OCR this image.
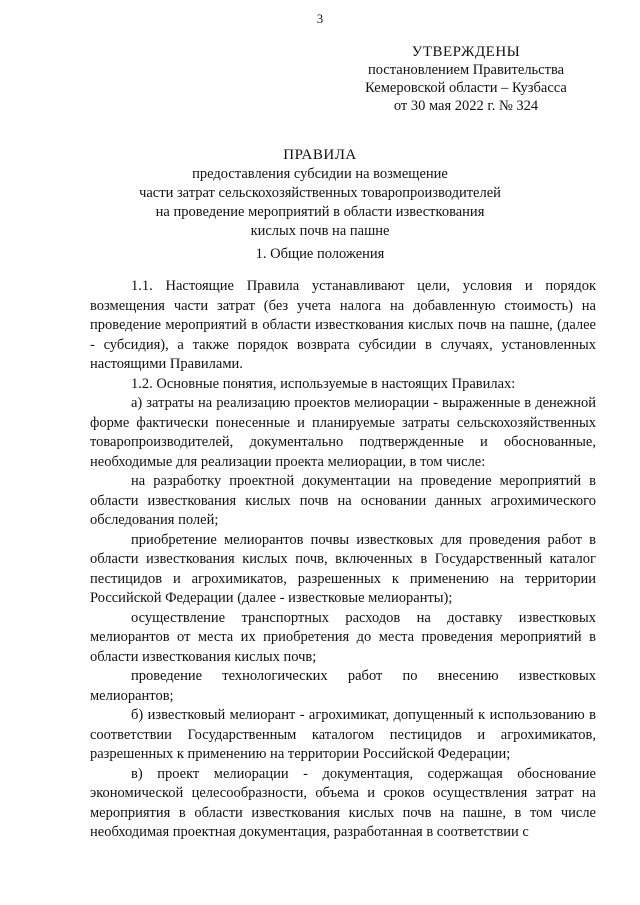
3
УТВЕРЖДЕНЫ
постановлением Правительства
Кемеровской области – Кузбасса
от 30 мая 2022 г. № 324
ПРАВИЛА
предоставления субсидии на возмещение
части затрат сельскохозяйственных товаропроизводителей
на проведение мероприятий в области известкования
кислых почв на пашне
1. Общие положения

1.1. Настоящие Правила устанавливают цели, условия и порядок возмещения части затрат (без учета налога на добавленную стоимость) на проведение мероприятий в области известкования кислых почв на пашне, (далее - субсидия), а также порядок возврата субсидии в случаях, установленных настоящими Правилами.

1.2. Основные понятия, используемые в настоящих Правилах:

а) затраты на реализацию проектов мелиорации - выраженные в денежной форме фактически понесенные и планируемые затраты сельскохозяйственных товаропроизводителей, документально подтвержденные и обоснованные, необходимые для реализации проекта мелиорации, в том числе:

на разработку проектной документации на проведение мероприятий в области известкования кислых почв на основании данных агрохимического обследования полей;

приобретение мелиорантов почвы известковых для проведения работ в области известкования кислых почв, включенных в Государственный каталог пестицидов и агрохимикатов, разрешенных к применению на территории Российской Федерации (далее - известковые мелиоранты);

осуществление транспортных расходов на доставку известковых мелиорантов от места их приобретения до места проведения мероприятий в области известкования кислых почв;

проведение технологических работ по внесению известковых мелиорантов;

б) известковый мелиорант - агрохимикат, допущенный к использованию в соответствии Государственным каталогом пестицидов и агрохимикатов, разрешенных к применению на территории Российской Федерации;

в) проект мелиорации - документация, содержащая обоснование экономической целесообразности, объема и сроков осуществления затрат на мероприятия в области известкования кислых почв на пашне, в том числе необходимая проектная документация, разработанная в соответствии с
